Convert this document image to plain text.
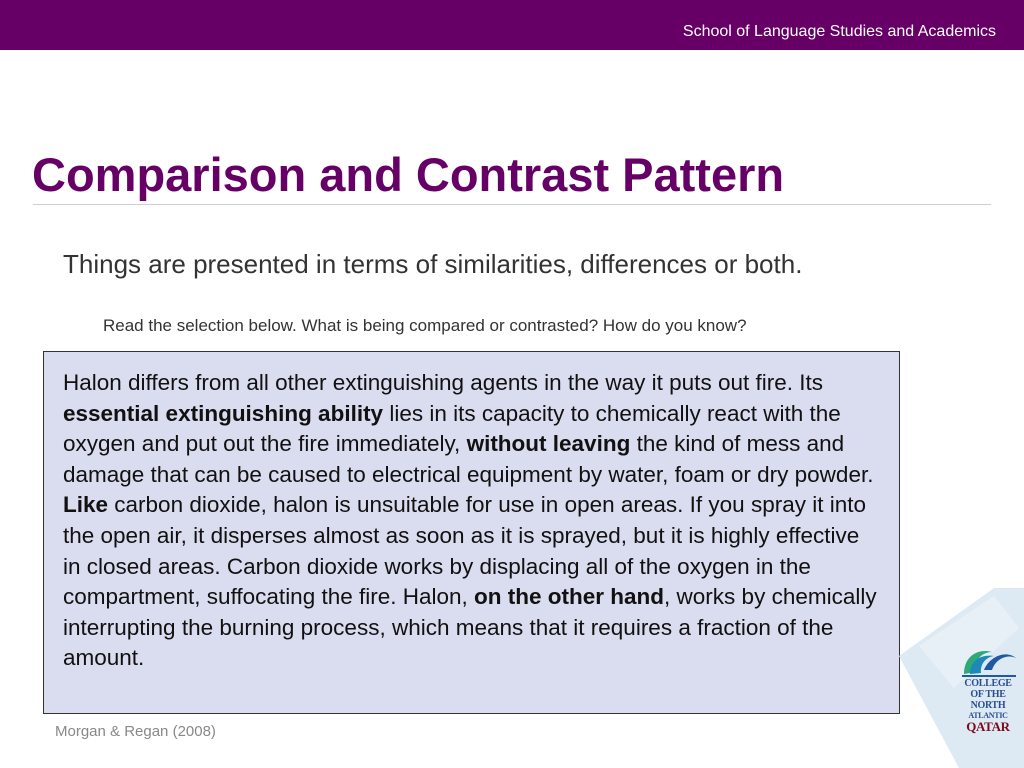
School of Language Studies and Academics
Comparison and Contrast Pattern
Things are presented in terms of similarities, differences or both.
Read the selection below. What is being compared or contrasted? How do you know?
Halon differs from all other extinguishing agents in the way it puts out fire. Its essential extinguishing ability lies in its capacity to chemically react with the oxygen and put out the fire immediately, without leaving the kind of mess and damage that can be caused to electrical equipment by water, foam or dry powder. Like carbon dioxide, halon is unsuitable for use in open areas. If you spray it into the open air, it disperses almost as soon as it is sprayed, but it is highly effective in closed areas. Carbon dioxide works by displacing all of the oxygen in the compartment, suffocating the fire. Halon, on the other hand, works by chemically interrupting the burning process, which means that it requires a fraction of the amount.
Morgan & Regan (2008)
COLLEGE
OF THE
NORTH
ATLANTIC
QATAR
